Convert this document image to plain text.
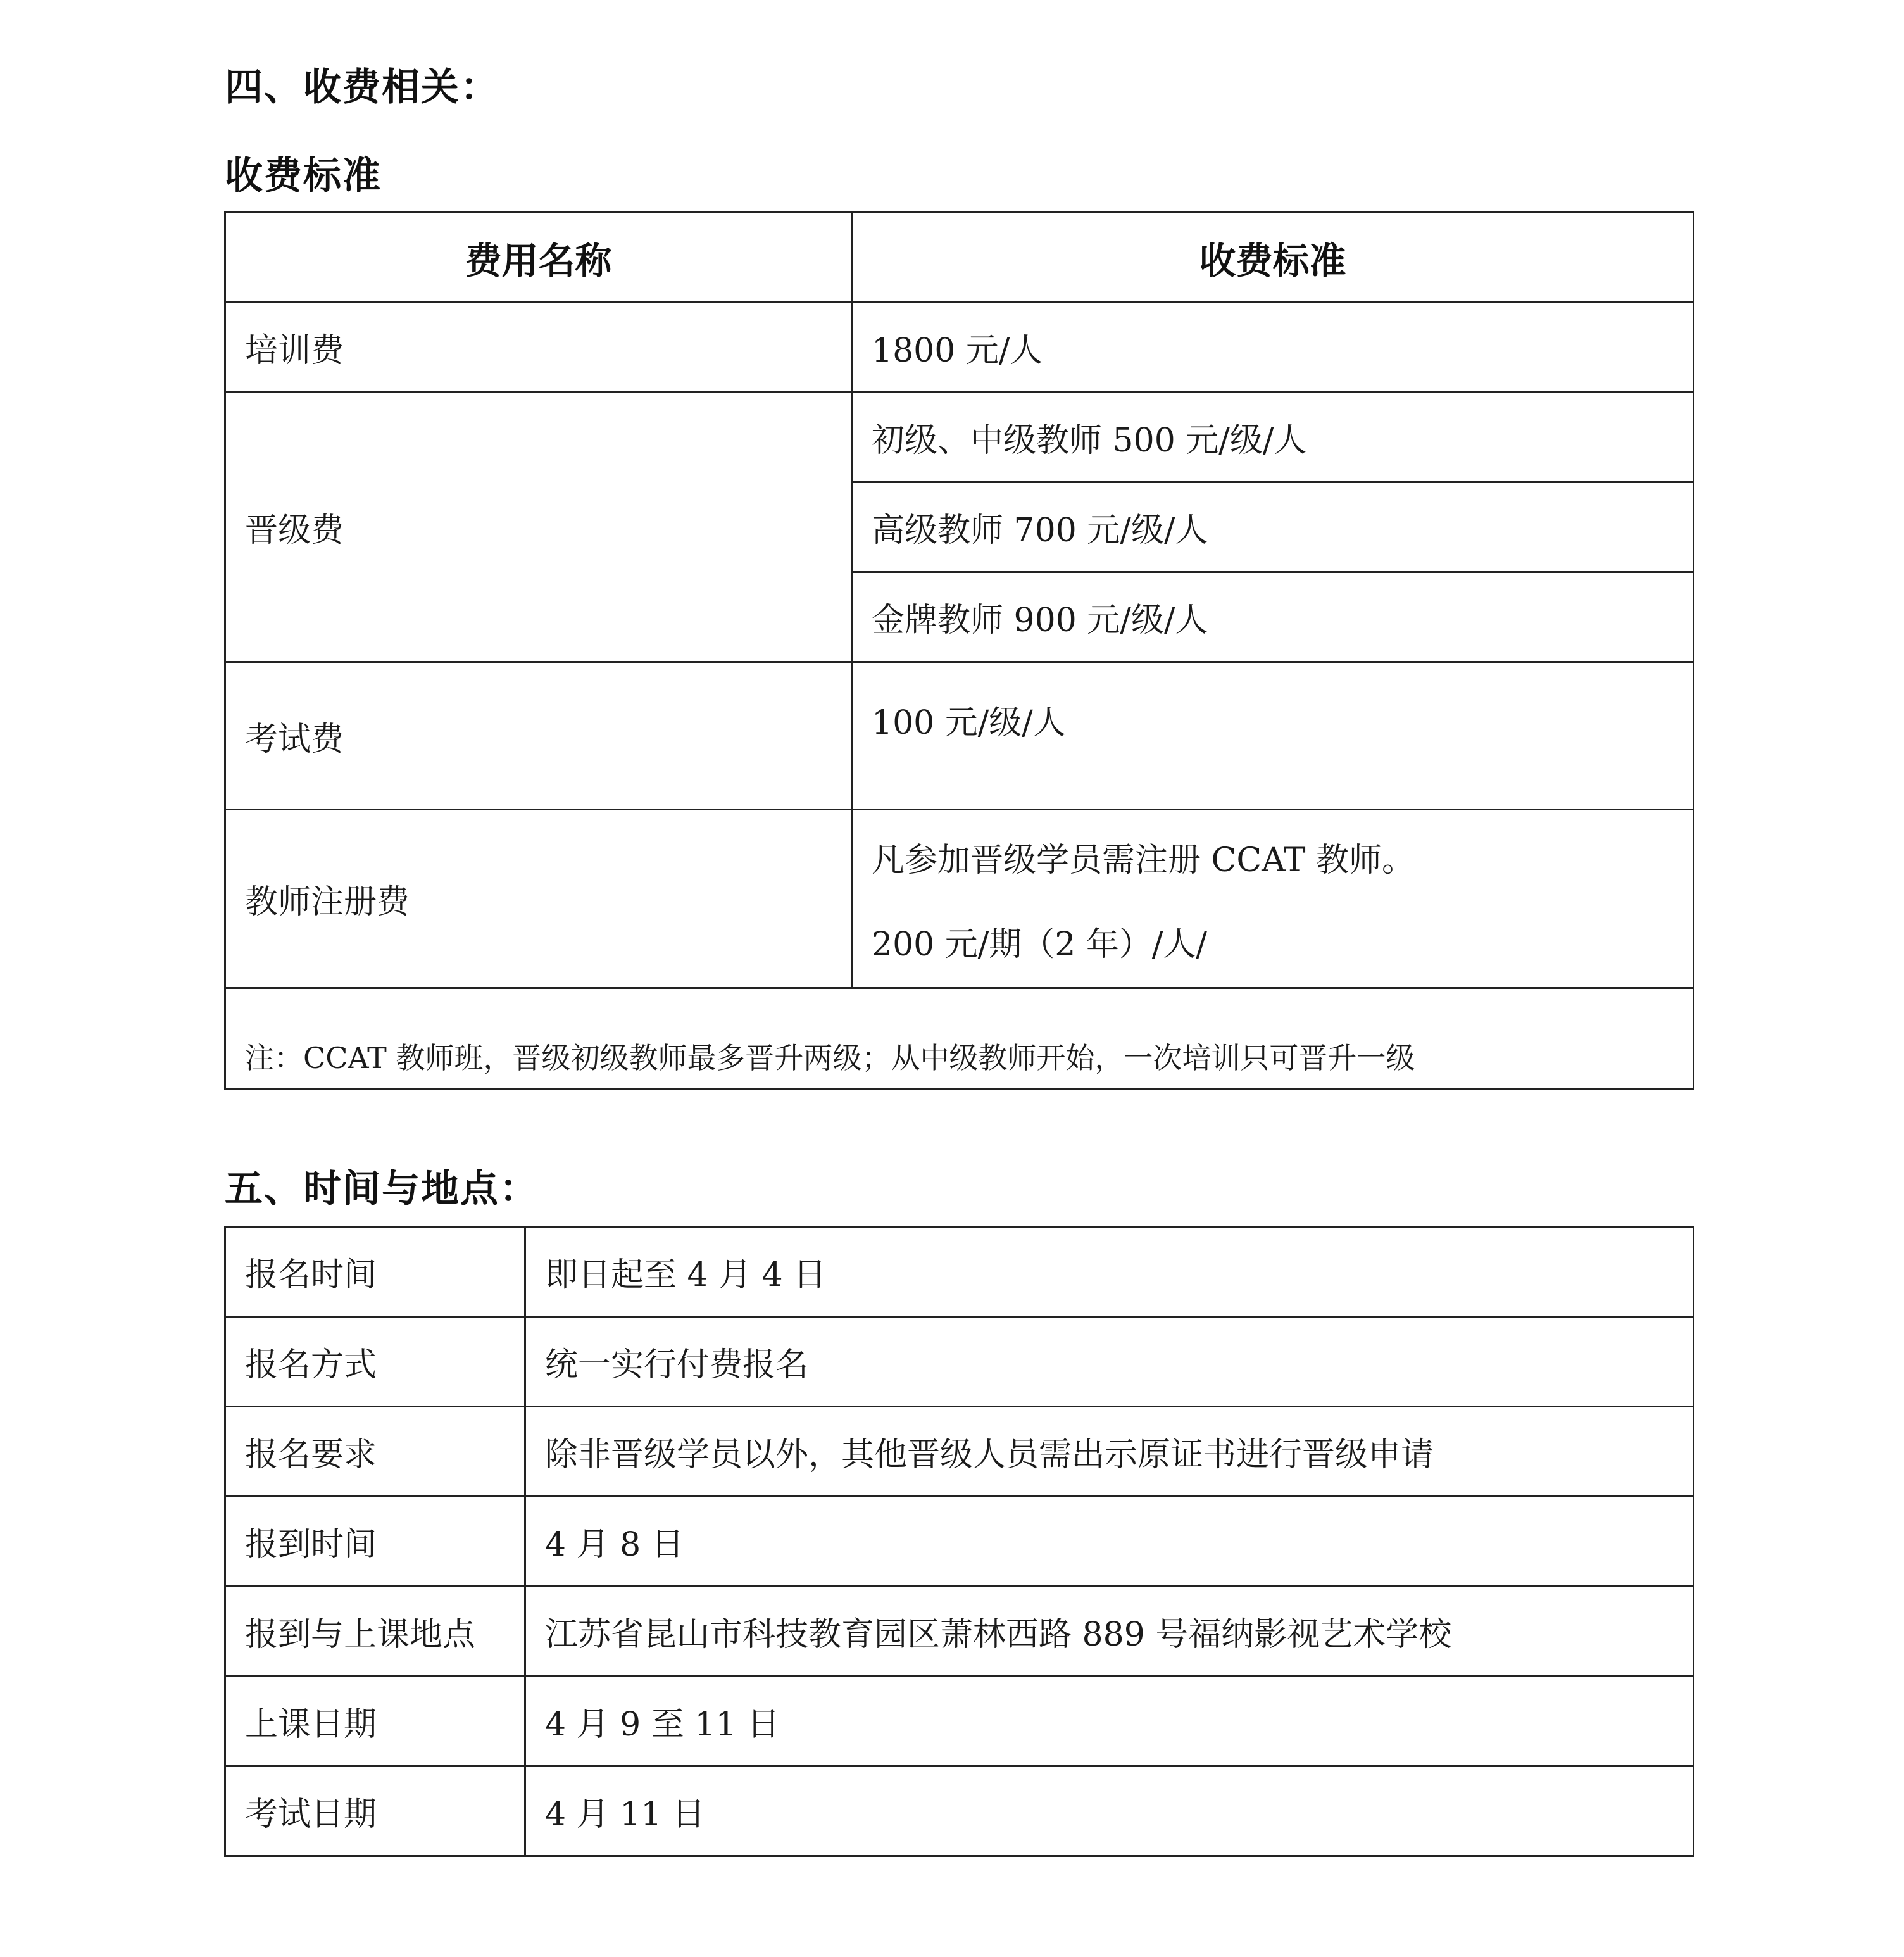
四、收费相关：
收费标准
费用名称	收费标准
培训费	1800 元/人
晋级费	初级、中级教师 500 元/级/人
	高级教师 700 元/级/人
	金牌教师 900 元/级/人
考试费	100 元/级/人
教师注册费	凡参加晋级学员需注册 CCAT 教师。
200 元/期（2 年）/人/

注：CCAT 教师班，晋级初级教师最多晋升两级；从中级教师开始，一次培训只可晋升一级	
五、时间与地点：
报名时间	即日起至 4 月 4 日
报名方式	统一实行付费报名
报名要求	除非晋级学员以外，其他晋级人员需出示原证书进行晋级申请
报到时间	4 月 8 日
报到与上课地点	江苏省昆山市科技教育园区萧林西路 889 号福纳影视艺术学校
上课日期	4 月 9 至 11 日
考试日期	4 月 11 日
